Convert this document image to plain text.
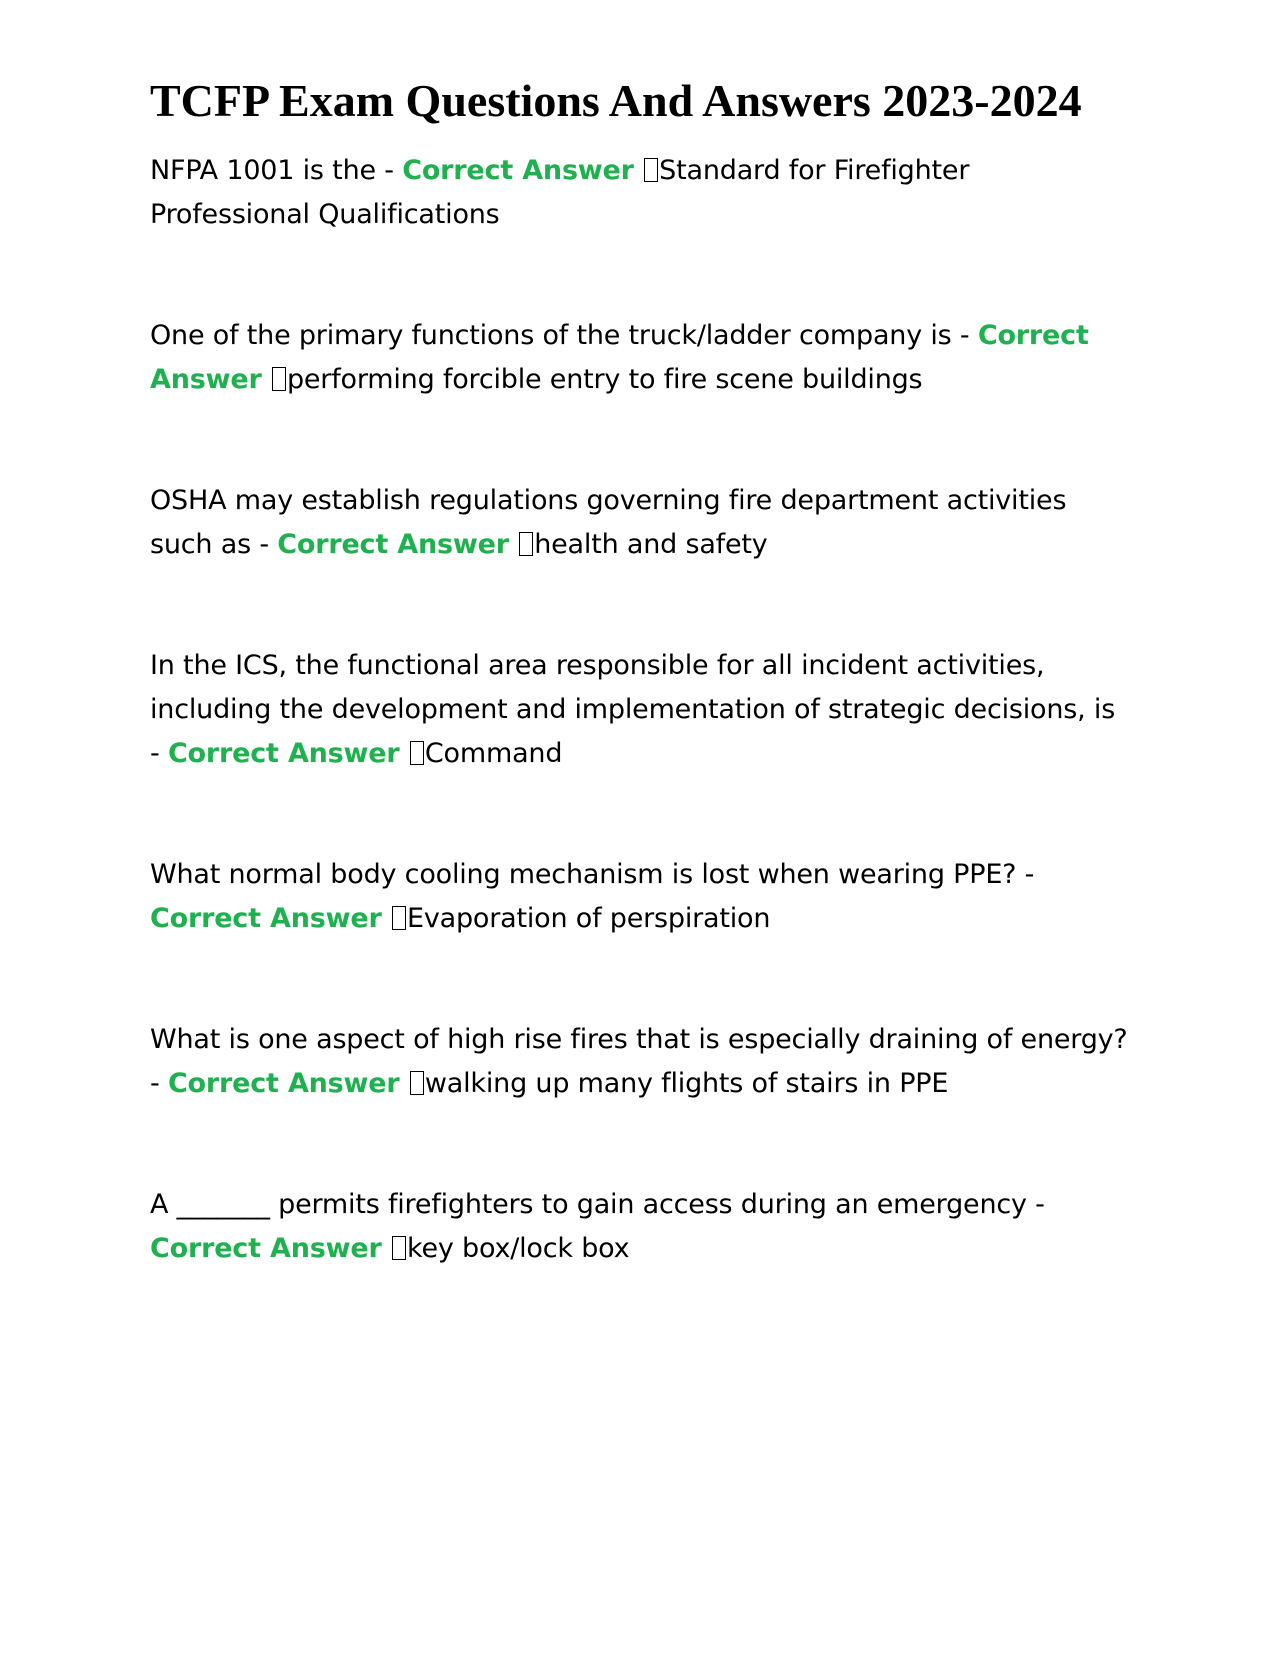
TCFP Exam Questions And Answers 2023-2024

NFPA 1001 is the - Correct Answer Standard for Firefighter Professional Qualifications

One of the primary functions of the truck/ladder company is - Correct Answer performing forcible entry to fire scene buildings

OSHA may establish regulations governing fire department activities such as - Correct Answer health and safety

In the ICS, the functional area responsible for all incident activities, including the development and implementation of strategic decisions, is - Correct Answer Command

What normal body cooling mechanism is lost when wearing PPE? - Correct Answer Evaporation of perspiration

What is one aspect of high rise fires that is especially draining of energy? - Correct Answer walking up many flights of stairs in PPE

A _______ permits firefighters to gain access during an emergency - Correct Answer key box/lock box
